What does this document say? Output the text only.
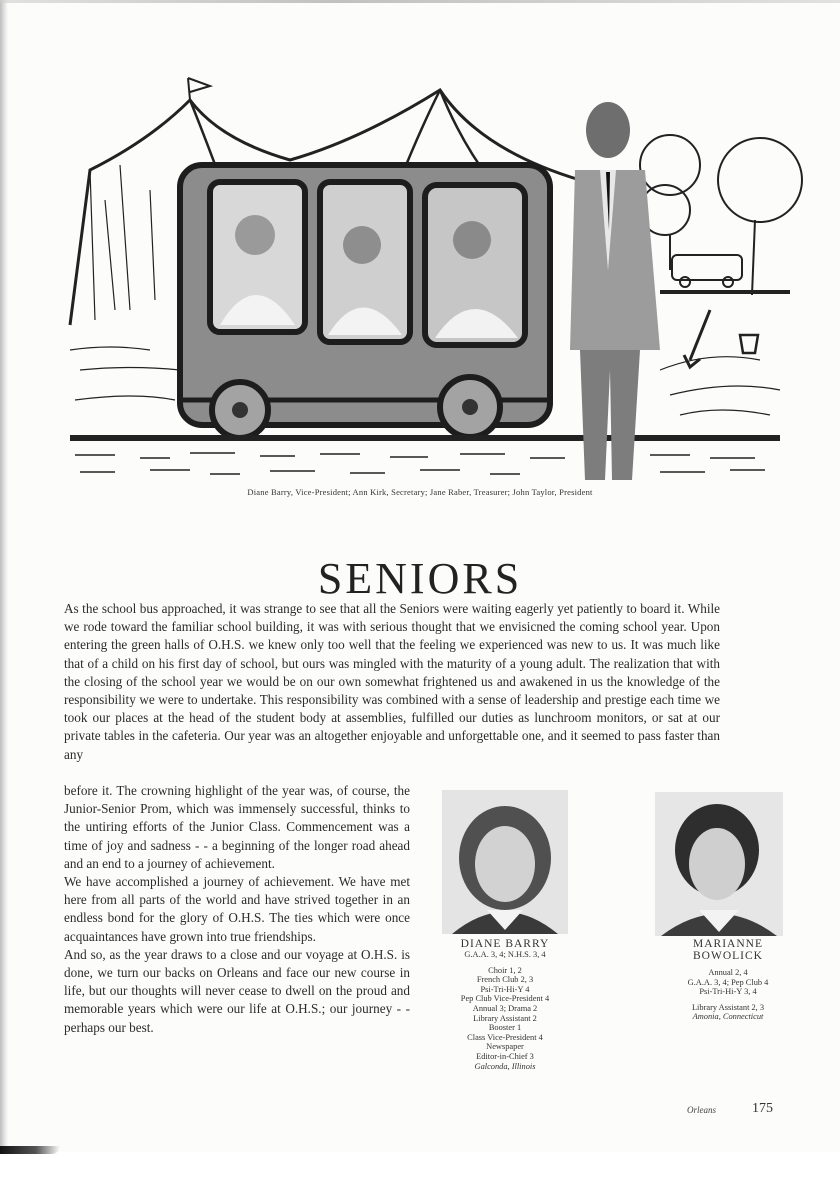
Diane Barry, Vice-President; Ann Kirk, Secretary; Jane Raber, Treasurer; John Taylor, President
SENIORS

As the school bus approached, it was strange to see that all the Seniors were waiting eagerly yet patiently to board it. While we rode toward the familiar school building, it was with serious thought that we envisicned the coming school year. Upon entering the green halls of O.H.S. we knew only too well that the feeling we experienced was new to us. It was much like that of a child on his first day of school, but ours was mingled with the maturity of a young adult. The realization that with the closing of the school year we would be on our own somewhat frightened us and awakened in us the knowledge of the responsibility we were to undertake. This responsibility was combined with a sense of leadership and prestige each time we took our places at the head of the student body at assemblies, fulfilled our duties as lunchroom monitors, or sat at our private tables in the cafeteria. Our year was an altogether enjoyable and unforgettable one, and it seemed to pass faster than any

before it. The crowning highlight of the year was, of course, the Junior-Senior Prom, which was immensely successful, thinks to the untiring efforts of the Junior Class. Commencement was a time of joy and sadness - - a beginning of the longer road ahead and an end to a journey of achievement.

We have accomplished a journey of achievement. We have met here from all parts of the world and have strived together in an endless bond for the glory of O.H.S. The ties which were once acquaintances have grown into true friendships.

And so, as the year draws to a close and our voyage at O.H.S. is done, we turn our backs on Orleans and face our new course in life, but our thoughts will never cease to dwell on the proud and memorable years which were our life at O.H.S.; our journey - - perhaps our best.

DIANE BARRY
G.A.A. 3, 4; N.H.S. 3, 4
Choir 1, 2
French Club 2, 3
Psi-Tri-Hi-Y 4
Pep Club Vice-President 4
Annual 3; Drama 2
Library Assistant 2
Booster 1
Class Vice-President 4
Newspaper
Editor-in-Chief 3
Galconda, Illinois
MARIANNE
BOWOLICK
Annual 2, 4
G.A.A. 3, 4; Pep Club 4
Psi-Tri-Hi-Y 3, 4
Library Assistant 2, 3
Amonia, Connecticut
Orleans	175
